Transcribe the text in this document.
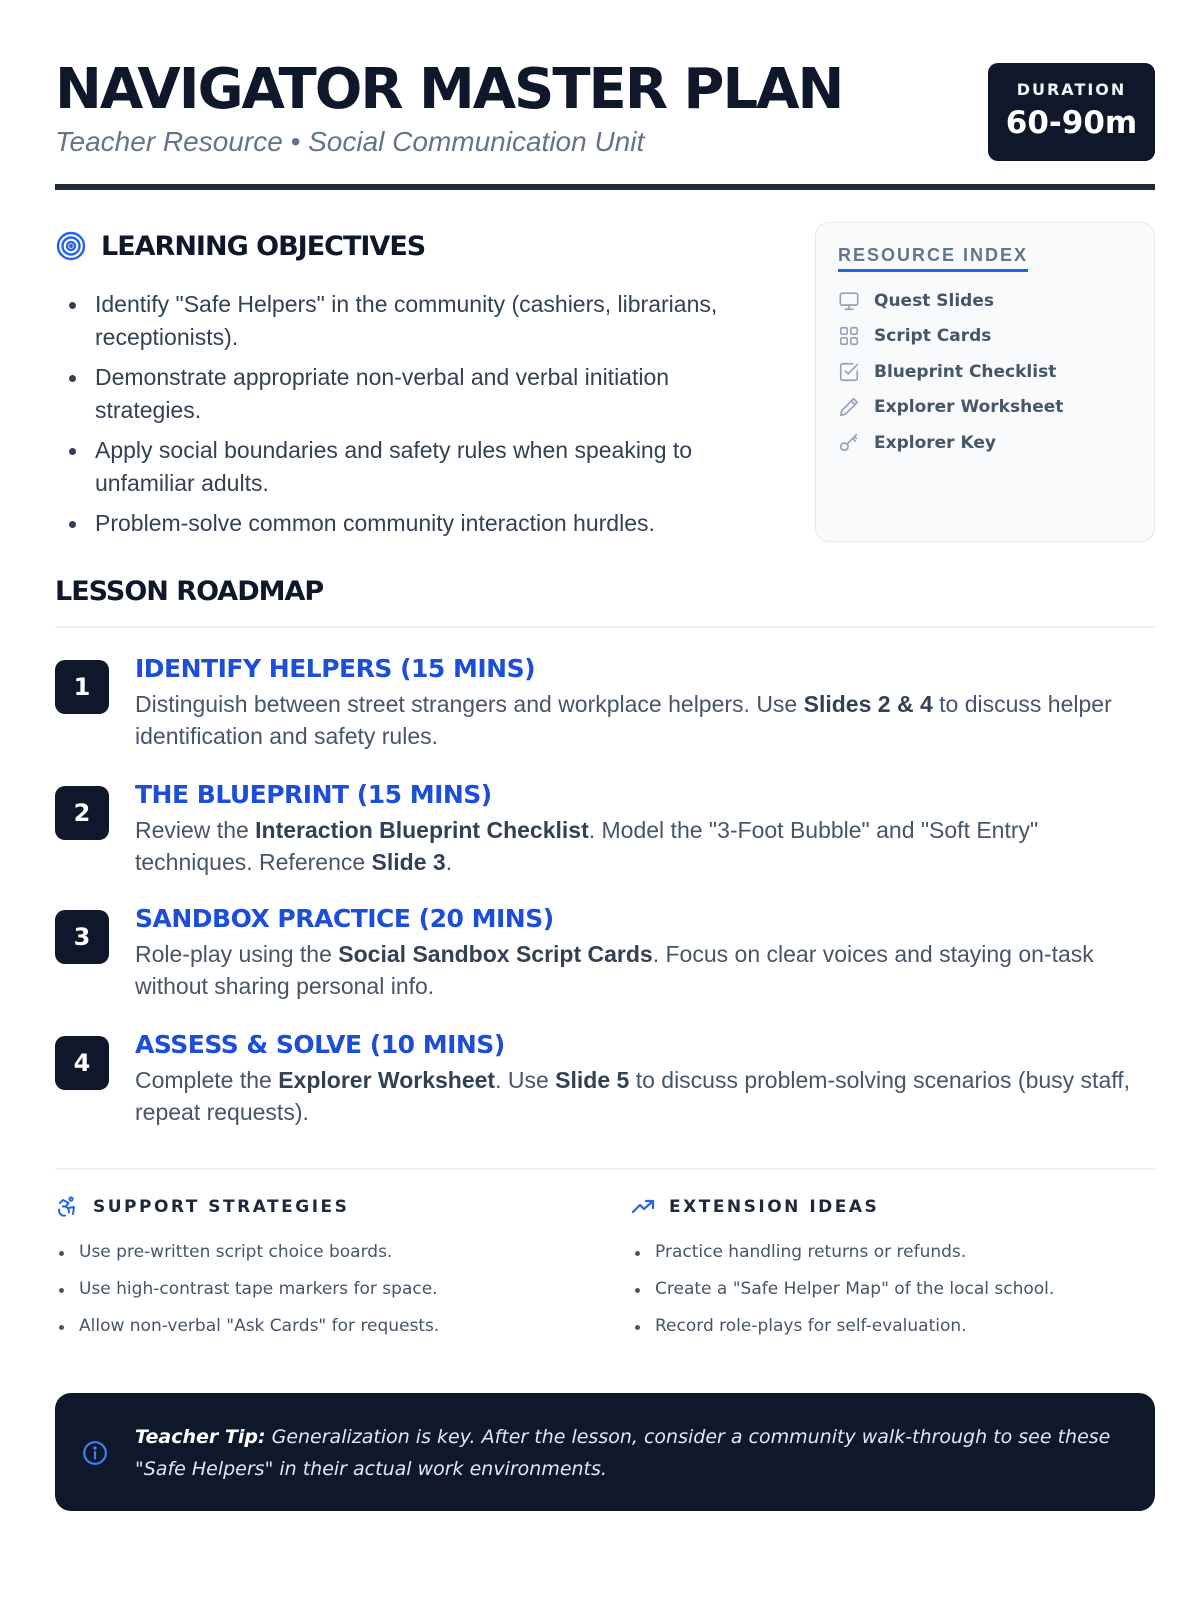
NAVIGATOR MASTER PLAN
Teacher Resource • Social Communication Unit
DURATION
60-90m
LEARNING OBJECTIVES
Identify "Safe Helpers" in the community (cashiers, librarians, receptionists).
Demonstrate appropriate non-verbal and verbal initiation strategies.
Apply social boundaries and safety rules when speaking to unfamiliar adults.
Problem-solve common community interaction hurdles.
RESOURCE INDEX
Quest Slides
Script Cards
Blueprint Checklist
Explorer Worksheet
Explorer Key
LESSON ROADMAP
1
IDENTIFY HELPERS (15 MINS)
Distinguish between street strangers and workplace helpers. Use Slides 2 & 4 to discuss helper identification and safety rules.
2
THE BLUEPRINT (15 MINS)
Review the Interaction Blueprint Checklist. Model the "3-Foot Bubble" and "Soft Entry" techniques. Reference Slide 3.
3
SANDBOX PRACTICE (20 MINS)
Role-play using the Social Sandbox Script Cards. Focus on clear voices and staying on-task without sharing personal info.
4
ASSESS & SOLVE (10 MINS)
Complete the Explorer Worksheet. Use Slide 5 to discuss problem-solving scenarios (busy staff, repeat requests).
SUPPORT STRATEGIES
Use pre-written script choice boards.
Use high-contrast tape markers for space.
Allow non-verbal "Ask Cards" for requests.
EXTENSION IDEAS
Practice handling returns or refunds.
Create a "Safe Helper Map" of the local school.
Record role-plays for self-evaluation.
Teacher Tip: Generalization is key. After the lesson, consider a community walk-through to see these "Safe Helpers" in their actual work environments.
